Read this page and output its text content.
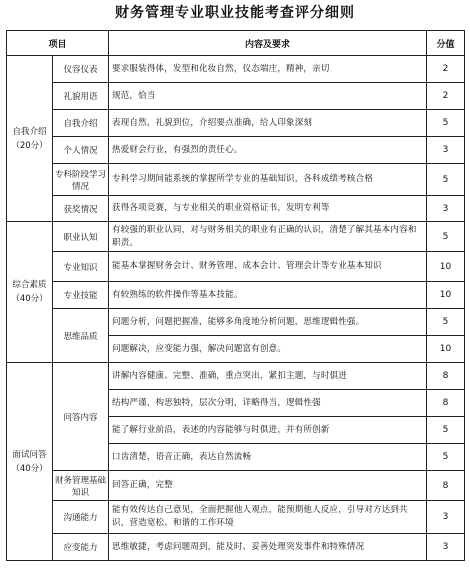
财务管理专业职业技能考查评分细则
项目		内容及要求	分值
自我介绍（20分）	仪容仪表	要求服装得体，发型和化妆自然，仪态端庄，精神，亲切	2
	礼貌用语	规范，恰当	2
	自我介绍	表现自然，礼貌到位，介绍要点准确，给人印象深刻	5
	个人情况	热爱财会行业，有强烈的责任心。	3
	专科阶段学习情况	专科学习期间能系统的掌握所学专业的基础知识，各科成绩考核合格	5
	获奖情况	获得各项竞赛，与专业相关的职业资格证书，发明专利等	3
综合素质（40分）	职业认知	有较强的职业认同，对与财务相关的职业有正确的认识，清楚了解其基本内容和职责。	5
	专业知识	能基本掌握财务会计、财务管理、成本会计、管理会计等专业基本知识	10
	专业技能	有较熟练的软件操作等基本技能。	10
	思维品质	问题分析，问题把握准，能够多角度地分析问题，思维逻辑性强。	5
		问题解决，应变能力强，解决问题富有创意。	10
面试问答（40分）	问答内容	讲解内容健康、完整、准确，重点突出，紧扣主题，与时俱进	8
		结构严谨，构思独特，层次分明，详略得当，逻辑性强	8
		能了解行业前沿，表述的内容能够与时俱进，并有所创新	5
		口齿清楚，语音正确，表达自然流畅	5
	财务管理基础知识	回答正确，完整	8
	沟通能力	能有效传达自己意见，全面把握他人观点，能预期他人反应，引导对方达到共识，营造宽松、和谐的工作环境	3
	应变能力	思维敏捷，考虑问题周到，能及时、妥善处理突发事件和特殊情况	3
